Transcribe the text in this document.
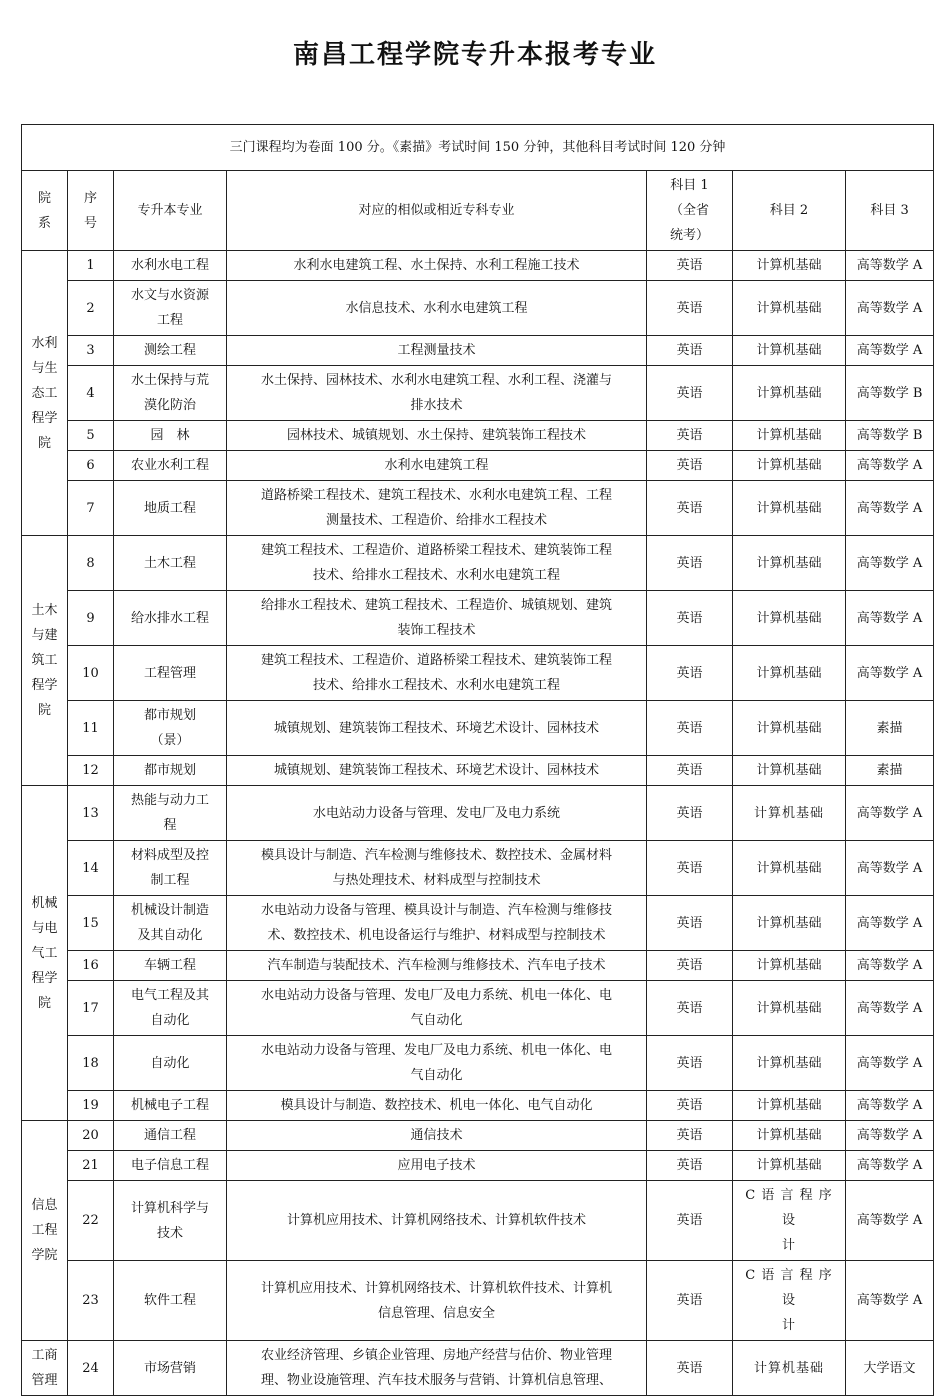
南昌工程学院专升本报考专业
三门课程均为卷面 100 分。《素描》考试时间 150 分钟，其他科目考试时间 120 分钟						
院
系	序
号	专升本专业	对应的相似或相近专科专业	科目 1
（全省
统考）	科目 2	科目 3
水利
与生
态工
程学
院	1	水利水电工程	水利水电建筑工程、水土保持、水利工程施工技术	英语	计算机基础	高等数学 A
	2	水文与水资源
工程	水信息技术、水利水电建筑工程	英语	计算机基础	高等数学 A
	3	测绘工程	工程测量技术	英语	计算机基础	高等数学 A
	4	水土保持与荒
漠化防治	水土保持、园林技术、水利水电建筑工程、水利工程、浇灌与
排水技术	英语	计算机基础	高等数学 B
	5	园　林	园林技术、城镇规划、水土保持、建筑装饰工程技术	英语	计算机基础	高等数学 B
	6	农业水利工程	水利水电建筑工程	英语	计算机基础	高等数学 A
	7	地质工程	道路桥梁工程技术、建筑工程技术、水利水电建筑工程、工程
测量技术、工程造价、给排水工程技术	英语	计算机基础	高等数学 A
土木
与建
筑工
程学
院	8	土木工程	建筑工程技术、工程造价、道路桥梁工程技术、建筑装饰工程
技术、给排水工程技术、水利水电建筑工程	英语	计算机基础	高等数学 A
	9	给水排水工程	给排水工程技术、建筑工程技术、工程造价、城镇规划、建筑
装饰工程技术	英语	计算机基础	高等数学 A
	10	工程管理	建筑工程技术、工程造价、道路桥梁工程技术、建筑装饰工程
技术、给排水工程技术、水利水电建筑工程	英语	计算机基础	高等数学 A
	11	都市规划
（景）	城镇规划、建筑装饰工程技术、环境艺术设计、园林技术	英语	计算机基础	素描
	12	都市规划	城镇规划、建筑装饰工程技术、环境艺术设计、园林技术	英语	计算机基础	素描
机械
与电
气工
程学
院	13	热能与动力工
程	水电站动力设备与管理、发电厂及电力系统	英语	计算机基础	高等数学 A
	14	材料成型及控
制工程	模具设计与制造、汽车检测与维修技术、数控技术、金属材料
与热处理技术、材料成型与控制技术	英语	计算机基础	高等数学 A
	15	机械设计制造
及其自动化	水电站动力设备与管理、模具设计与制造、汽车检测与维修技
术、数控技术、机电设备运行与维护、材料成型与控制技术	英语	计算机基础	高等数学 A
	16	车辆工程	汽车制造与装配技术、汽车检测与维修技术、汽车电子技术	英语	计算机基础	高等数学 A
	17	电气工程及其
自动化	水电站动力设备与管理、发电厂及电力系统、机电一体化、电
气自动化	英语	计算机基础	高等数学 A
	18	自动化	水电站动力设备与管理、发电厂及电力系统、机电一体化、电
气自动化	英语	计算机基础	高等数学 A
	19	机械电子工程	模具设计与制造、数控技术、机电一体化、电气自动化	英语	计算机基础	高等数学 A
信息
工程
学院	20	通信工程	通信技术	英语	计算机基础	高等数学 A
	21	电子信息工程	应用电子技术	英语	计算机基础	高等数学 A
	22	计算机科学与
技术	计算机应用技术、计算机网络技术、计算机软件技术	英语	C 语 言 程 序 设
计	高等数学 A
	23	软件工程	计算机应用技术、计算机网络技术、计算机软件技术、计算机
信息管理、信息安全	英语	C 语 言 程 序 设
计	高等数学 A
工商
管理	24	市场营销	农业经济管理、乡镇企业管理、房地产经营与估价、物业管理
理、物业设施管理、汽车技术服务与营销、计算机信息管理、	英语	计算机基础	大学语文
